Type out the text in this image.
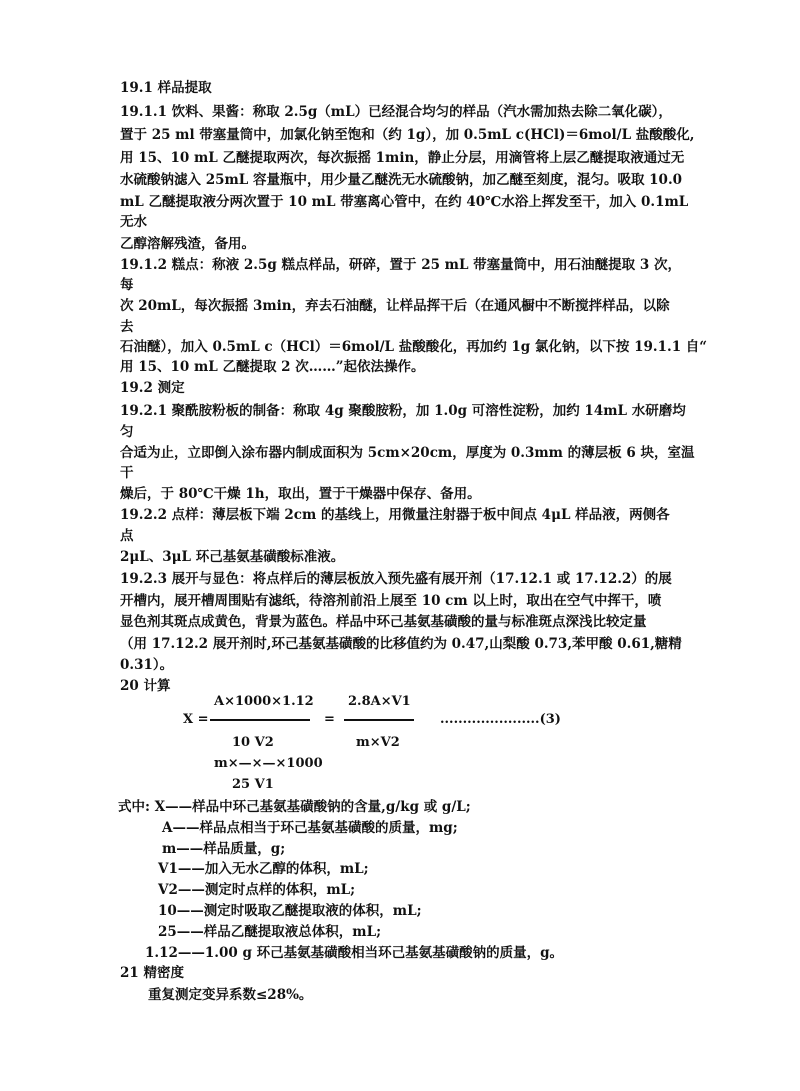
19.1 样品提取
19.1.1 饮料、果酱：称取 2.5g（mL）已经混合均匀的样品（汽水需加热去除二氧化碳），
置于 25 ml 带塞量筒中，加氯化钠至饱和（约 1g），加 0.5mL c(HCl)＝6mol/L 盐酸酸化,
用 15、10 mL 乙醚提取两次，每次振摇 1min，静止分层，用滴管将上层乙醚提取液通过无
水硫酸钠滤入 25mL 容量瓶中，用少量乙醚洗无水硫酸钠，加乙醚至刻度，混匀。吸取 10.0
mL 乙醚提取液分两次置于 10 mL 带塞离心管中，在约 40℃水浴上挥发至干，加入 0.1mL
无水
乙醇溶解残渣，备用。
19.1.2 糕点：称液 2.5g 糕点样品，研碎，置于 25 mL 带塞量筒中，用石油醚提取 3 次，
每
次 20mL，每次振摇 3min，弃去石油醚，让样品挥干后（在通风橱中不断搅拌样品，以除
去
石油醚），加入 0.5mL c（HCl）＝6mol/L 盐酸酸化，再加约 1g 氯化钠，以下按 19.1.1 自“
用 15、10 mL 乙醚提取 2 次……”起依法操作。
19.2 测定
19.2.1 聚酰胺粉板的制备：称取 4g 聚酸胺粉，加 1.0g 可溶性淀粉，加约 14mL 水研磨均
匀
合适为止，立即倒入涂布器内制成面积为 5cm×20cm，厚度为 0.3mm 的薄层板 6 块，室温
干
燥后，于 80℃干燥 1h，取出，置于干燥器中保存、备用。
19.2.2 点样：薄层板下端 2cm 的基线上，用微量注射器于板中间点 4μL 样品液，两侧各
点
2μL、3μL 环己基氨基磺酸标准液。
19.2.3 展开与显色：将点样后的薄层板放入预先盛有展开剂（17.12.1 或 17.12.2）的展
开槽内，展开槽周围贴有滤纸，待溶剂前沿上展至 10 cm 以上时，取出在空气中挥干，喷
显色剂其斑点成黄色，背景为蓝色。样品中环己基氨基磺酸的量与标准斑点深浅比较定量
（用 17.12.2 展开剂时,环己基氨基磺酸的比移值约为 0.47,山梨酸 0.73,苯甲酸 0.61,糖精
0.31）。
20 计算
X =
A×1000×1.12
=
2.8A×V1
......................(3)
10 V2
m×—×—×1000
25 V1
m×V2
式中: X——样品中环己基氨基磺酸钠的含量,g/kg 或 g/L;
A——样品点相当于环己基氨基磺酸的质量，mg;
m——样品质量，g;
V1——加入无水乙醇的体积，mL;
V2——测定时点样的体积，mL;
10——测定时吸取乙醚提取液的体积，mL;
25——样品乙醚提取液总体积，mL;
1.12——1.00 g 环己基氨基磺酸相当环己基氨基磺酸钠的质量，g。
21 精密度
重复测定变异系数≤28%。
